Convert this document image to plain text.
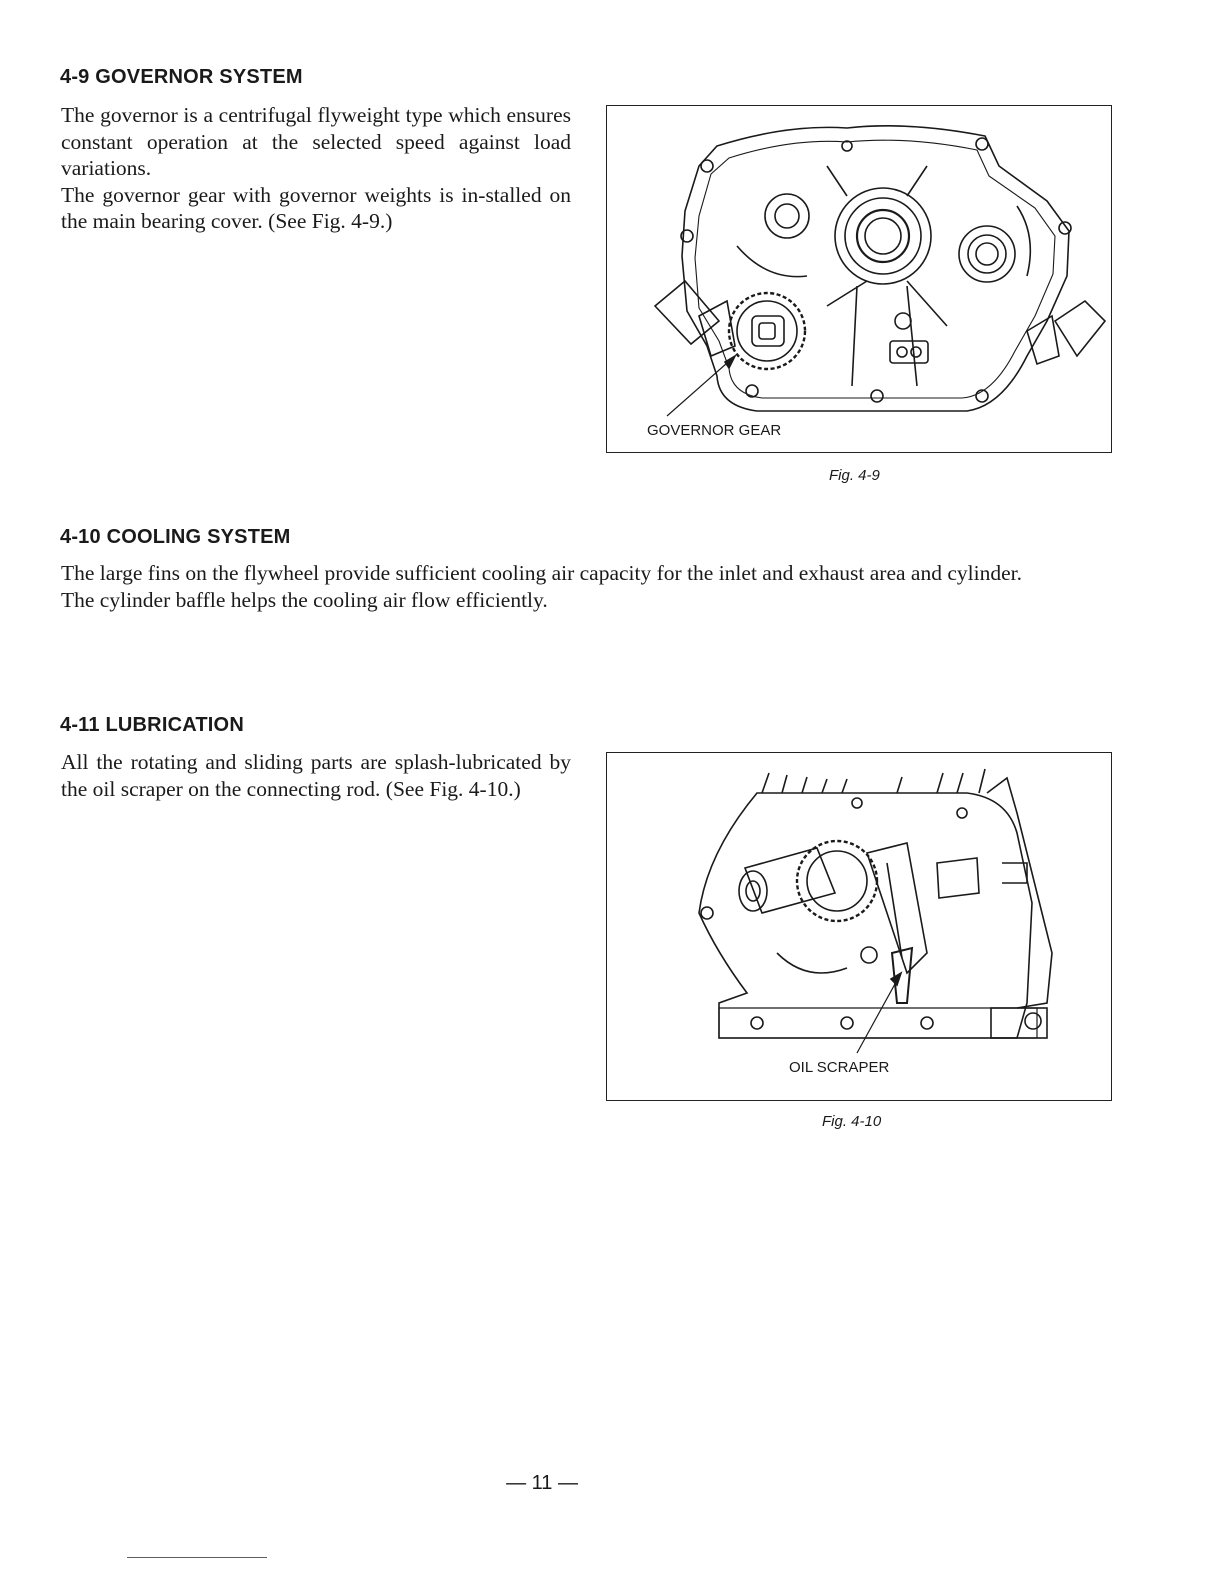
4-9 GOVERNOR SYSTEM

The governor is a centrifugal flyweight type which ensures constant operation at the selected speed against load variations.

The governor gear with governor weights is in-stalled on the main bearing cover. (See Fig. 4-9.)

GOVERNOR GEAR
Fig. 4-9
4-10 COOLING SYSTEM

The large fins on the flywheel provide sufficient cooling air capacity for the inlet and exhaust area and cylinder.

The cylinder baffle helps the cooling air flow efficiently.

4-11 LUBRICATION

All the rotating and sliding parts are splash-lubricated by the oil scraper on the connecting rod. (See Fig. 4-10.)

OIL SCRAPER
Fig. 4-10
— 11 —
